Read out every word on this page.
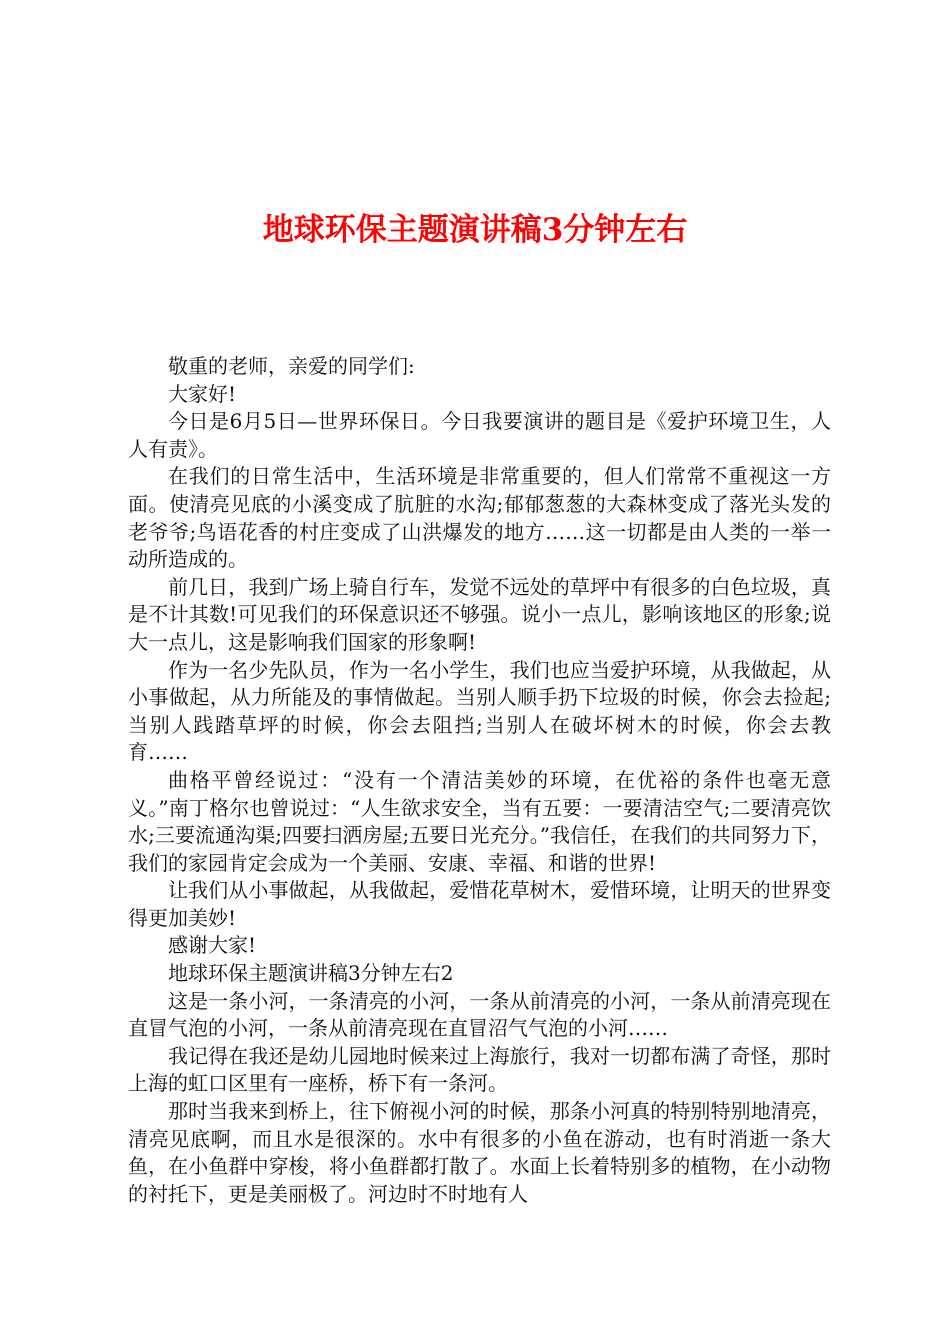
地球环保主题演讲稿3分钟左右

敬重的老师，亲爱的同学们:

大家好!

今日是6月5日—世界环保日。今日我要演讲的题目是《爱护环境卫生，人人有责》。

在我们的日常生活中，生活环境是非常重要的，但人们常常不重视这一方面。使清亮见底的小溪变成了肮脏的水沟;郁郁葱葱的大森林变成了落光头发的老爷爷;鸟语花香的村庄变成了山洪爆发的地方……这一切都是由人类的一举一动所造成的。

前几日，我到广场上骑自行车，发觉不远处的草坪中有很多的白色垃圾，真是不计其数!可见我们的环保意识还不够强。说小一点儿，影响该地区的形象;说大一点儿，这是影响我们国家的形象啊!

作为一名少先队员，作为一名小学生，我们也应当爱护环境，从我做起，从小事做起，从力所能及的事情做起。当别人顺手扔下垃圾的时候，你会去捡起;当别人践踏草坪的时候，你会去阻挡;当别人在破坏树木的时候，你会去教育……

曲格平曾经说过：“没有一个清洁美妙的环境，在优裕的条件也毫无意义。”南丁格尔也曾说过：“人生欲求安全，当有五要：一要清洁空气;二要清亮饮水;三要流通沟渠;四要扫洒房屋;五要日光充分。”我信任，在我们的共同努力下，我们的家园肯定会成为一个美丽、安康、幸福、和谐的世界!

让我们从小事做起，从我做起，爱惜花草树木，爱惜环境，让明天的世界变得更加美妙!

感谢大家!

地球环保主题演讲稿3分钟左右2

这是一条小河，一条清亮的小河，一条从前清亮的小河，一条从前清亮现在直冒气泡的小河，一条从前清亮现在直冒沼气气泡的小河……

我记得在我还是幼儿园地时候来过上海旅行，我对一切都布满了奇怪，那时上海的虹口区里有一座桥，桥下有一条河。

那时当我来到桥上，往下俯视小河的时候，那条小河真的特别特别地清亮，清亮见底啊，而且水是很深的。水中有很多的小鱼在游动，也有时消逝一条大鱼，在小鱼群中穿梭，将小鱼群都打散了。水面上长着特别多的植物，在小动物的衬托下，更是美丽极了。河边时不时地有人
